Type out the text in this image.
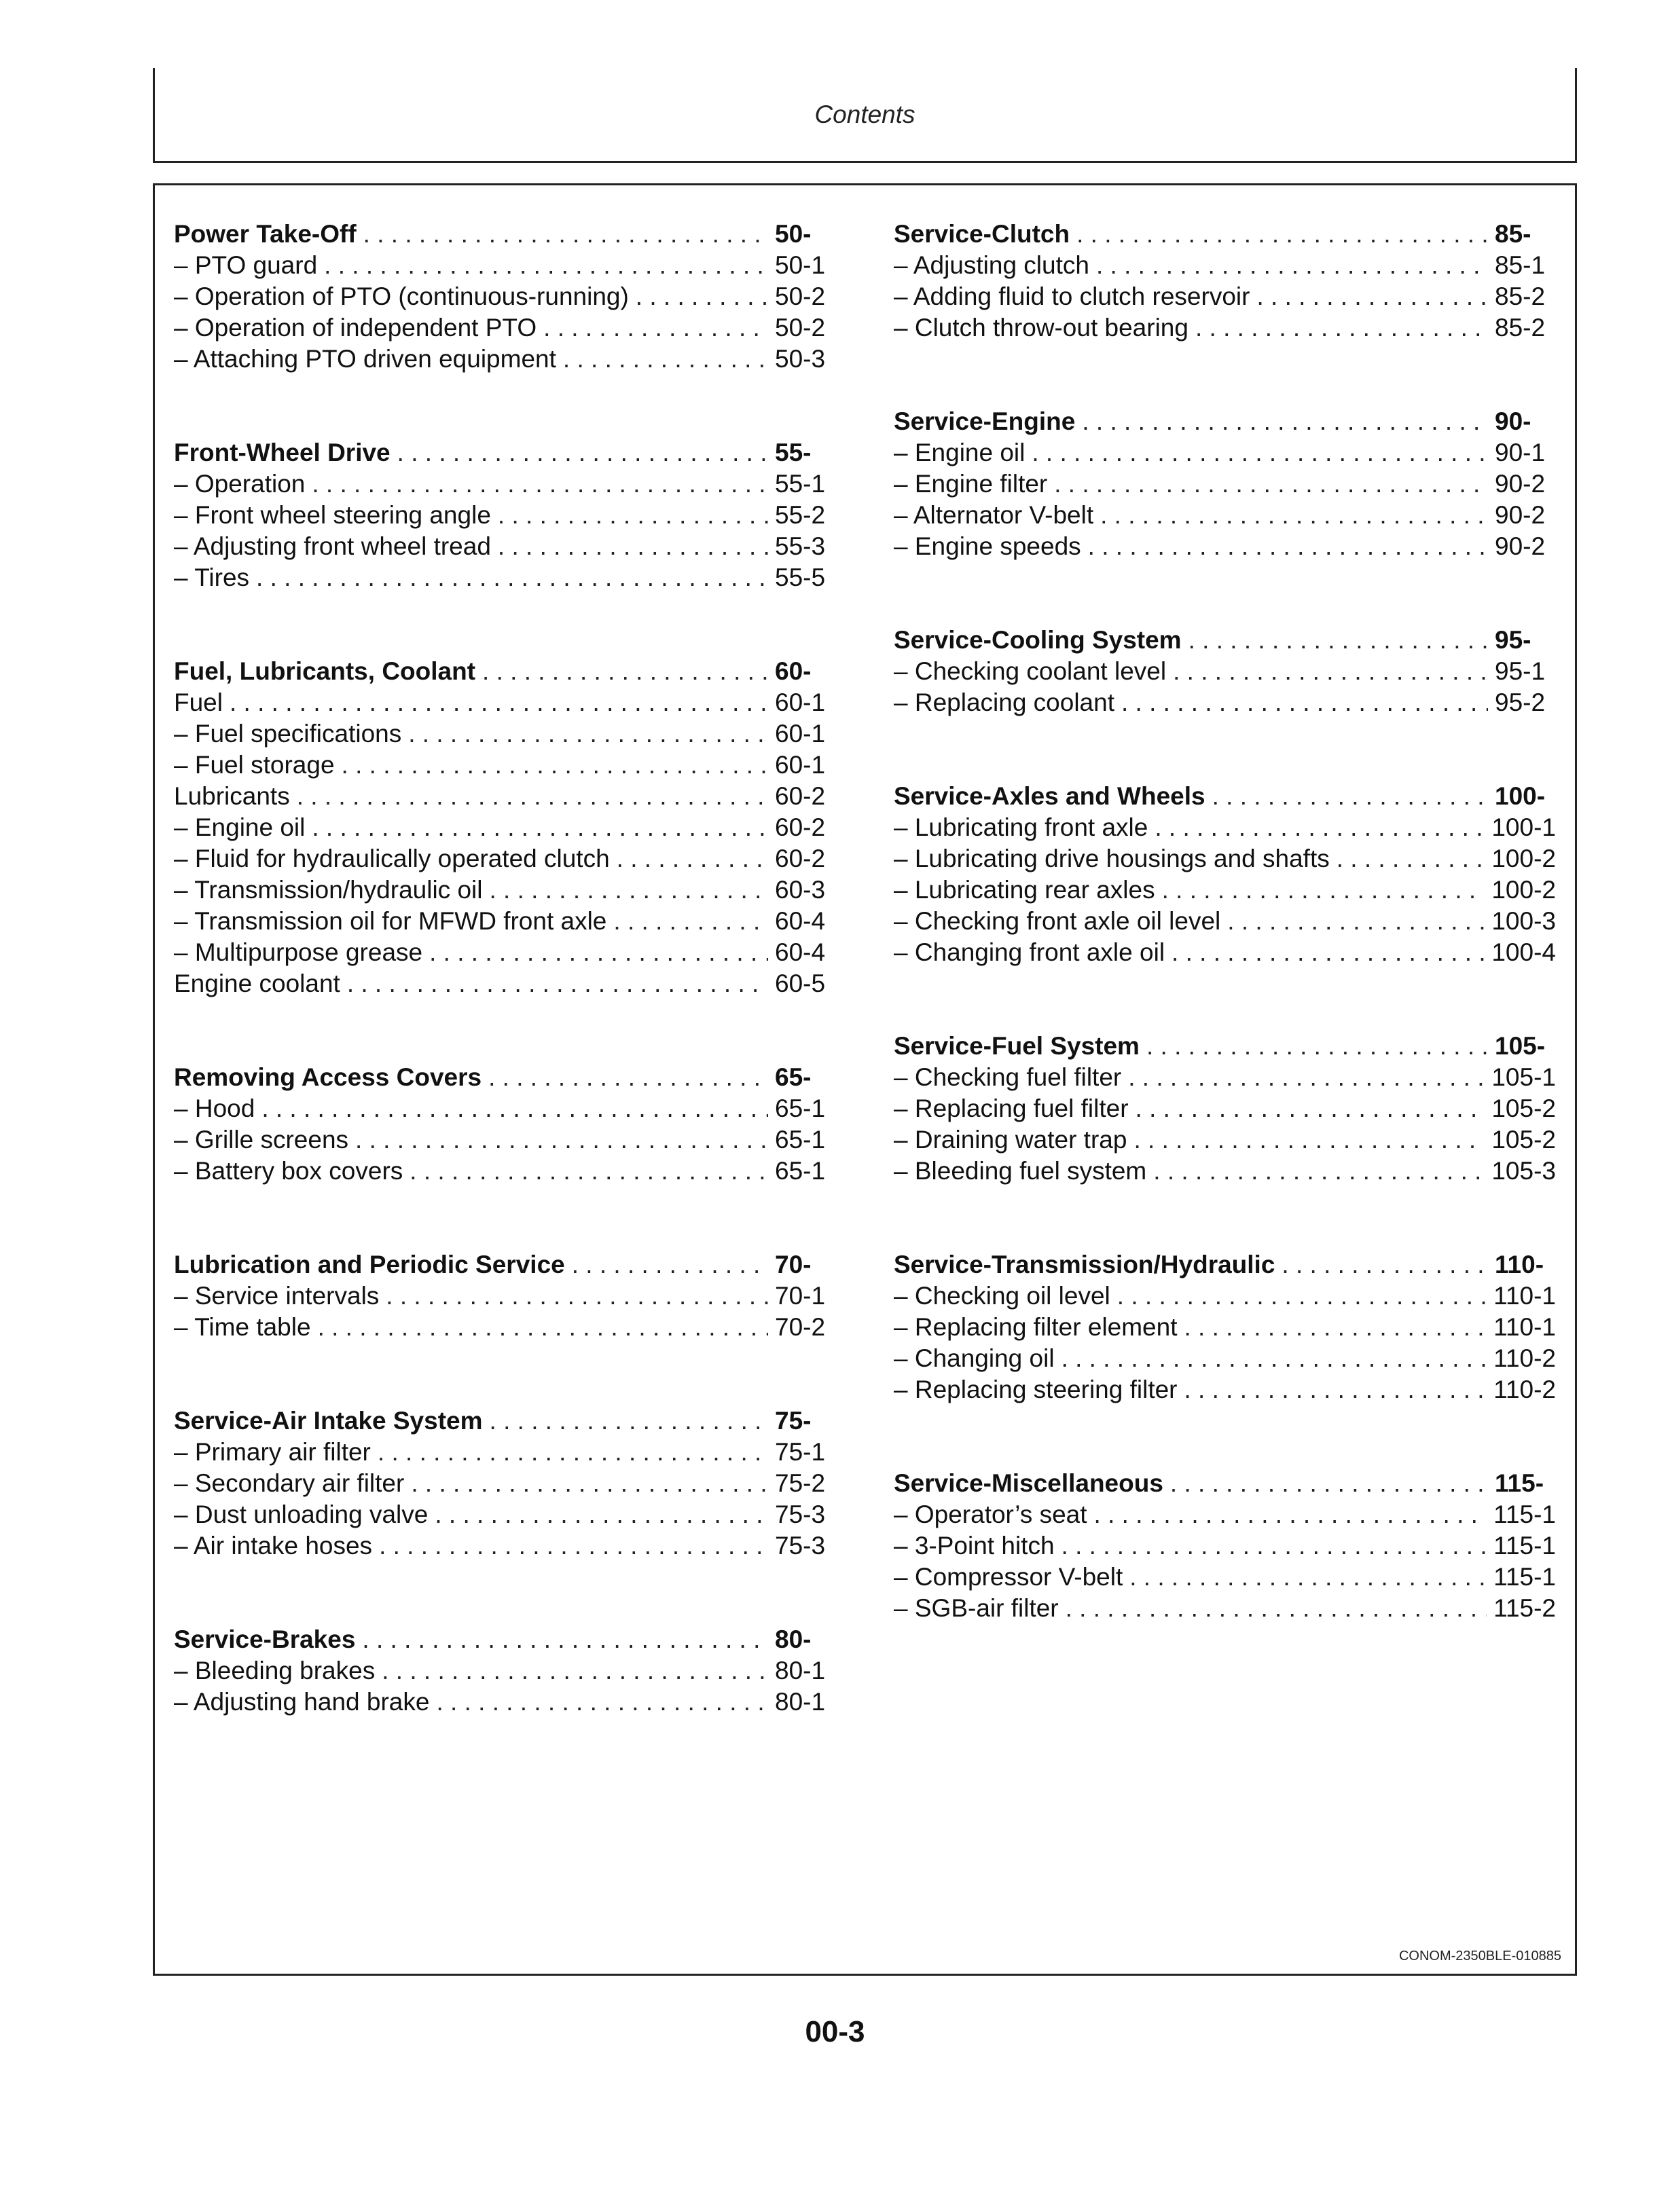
Contents
CONOM-2350BLE-010885
Power Take-Off . . .	50-
– PTO guard . . .	50-1
– Operation of PTO (continuous-running) . . .	50-2
– Operation of independent PTO . . .	50-2
– Attaching PTO driven equipment . . .	50-3
Front-Wheel Drive . . .	55-
– Operation . . .	55-1
– Front wheel steering angle . . .	55-2
– Adjusting front wheel tread . . .	55-3
– Tires . . .	55-5
Fuel, Lubricants, Coolant . . .	60-
Fuel . . .	60-1
– Fuel specifications . . .	60-1
– Fuel storage . . .	60-1
Lubricants . . .	60-2
– Engine oil . . .	60-2
– Fluid for hydraulically operated clutch . . .	60-2
– Transmission/hydraulic oil . . .	60-3
– Transmission oil for MFWD front axle . . .	60-4
– Multipurpose grease . . .	60-4
Engine coolant . . .	60-5
Removing Access Covers . . .	65-
– Hood . . .	65-1
– Grille screens . . .	65-1
– Battery box covers . . .	65-1
Lubrication and Periodic Service . . .	70-
– Service intervals . . .	70-1
– Time table . . .	70-2
Service-Air Intake System . . .	75-
– Primary air filter . . .	75-1
– Secondary air filter . . .	75-2
– Dust unloading valve . . .	75-3
– Air intake hoses . . .	75-3
Service-Brakes . . .	80-
– Bleeding brakes . . .	80-1
– Adjusting hand brake . . .	80-1
Service-Clutch . . .	85-
– Adjusting clutch . . .	85-1
– Adding fluid to clutch reservoir . . .	85-2
– Clutch throw-out bearing . . .	85-2
Service-Engine . . .	90-
– Engine oil . . .	90-1
– Engine filter . . .	90-2
– Alternator V-belt . . .	90-2
– Engine speeds . . .	90-2
Service-Cooling System . . .	95-
– Checking coolant level . . .	95-1
– Replacing coolant . . .	95-2
Service-Axles and Wheels . . .	100-
– Lubricating front axle . . .	100-1
– Lubricating drive housings and shafts . . .	100-2
– Lubricating rear axles . . .	100-2
– Checking front axle oil level . . .	100-3
– Changing front axle oil . . .	100-4
Service-Fuel System . . .	105-
– Checking fuel filter . . .	105-1
– Replacing fuel filter . . .	105-2
– Draining water trap . . .	105-2
– Bleeding fuel system . . .	105-3
Service-Transmission/Hydraulic . . .	110-
– Checking oil level . . .	110-1
– Replacing filter element . . .	110-1
– Changing oil . . .	110-2
– Replacing steering filter . . .	110-2
Service-Miscellaneous . . .	115-
– Operator’s seat . . .	115-1
– 3-Point hitch . . .	115-1
– Compressor V-belt . . .	115-1
– SGB-air filter . . .	115-2
00-3
